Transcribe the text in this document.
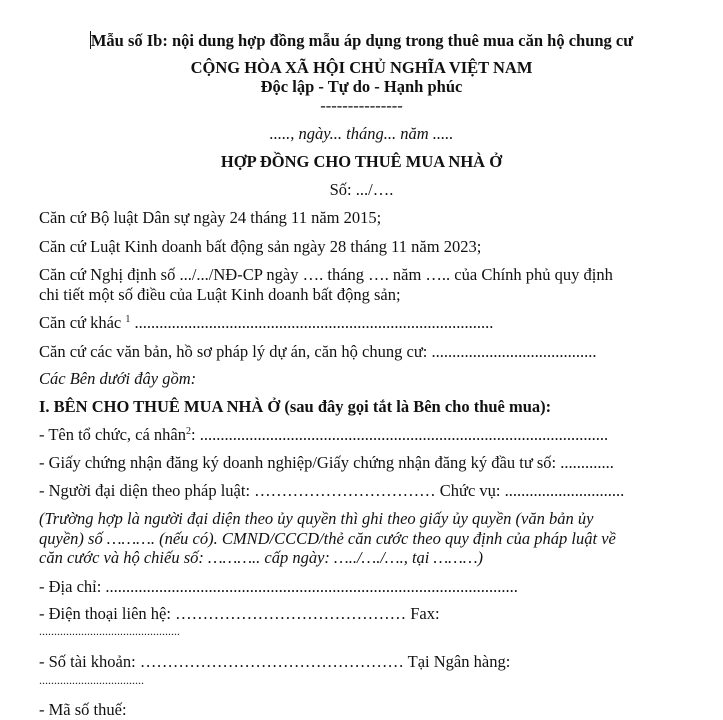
Mẫu số Ib: nội dung hợp đồng mẫu áp dụng trong thuê mua căn hộ chung cư
CỘNG HÒA XÃ HỘI CHỦ NGHĨA VIỆT NAM
Độc lập - Tự do - Hạnh phúc
---------------
....., ngày... tháng... năm .....
HỢP ĐỒNG CHO THUÊ MUA NHÀ Ở
Số: .../….
Căn cứ Bộ luật Dân sự ngày 24 tháng 11 năm 2015;
Căn cứ Luật Kinh doanh bất động sản ngày 28 tháng 11 năm 2023;
Căn cứ Nghị định số .../.../NĐ-CP ngày …. tháng …. năm ….. của Chính phủ quy định
chi tiết một số điều của Luật Kinh doanh bất động sản;
Căn cứ khác $^1$ .......................................................................................
Căn cứ các văn bản, hồ sơ pháp lý dự án, căn hộ chung cư: ........................................
Các Bên dưới đây gồm:
I. BÊN CHO THUÊ MUA NHÀ Ở (sau đây gọi tắt là Bên cho thuê mua):
- Tên tổ chức, cá nhân$^2$: ...................................................................................................
- Giấy chứng nhận đăng ký doanh nghiệp/Giấy chứng nhận đăng ký đầu tư số: .............
- Người đại diện theo pháp luật: …………………………… Chức vụ: .............................
(Trường hợp là người đại diện theo ủy quyền thì ghi theo giấy ủy quyền (văn bản ủy
quyền) số ………. (nếu có). CMND/CCCD/thẻ căn cước theo quy định của pháp luật về
căn cước và hộ chiếu số: ……….. cấp ngày: …../…./…., tại ………)
- Địa chỉ: ....................................................................................................
- Điện thoại liên hệ: …………………………………… Fax:
...............................................
- Số tài khoản: ………………………………………… Tại Ngân hàng:
...................................
- Mã số thuế:
